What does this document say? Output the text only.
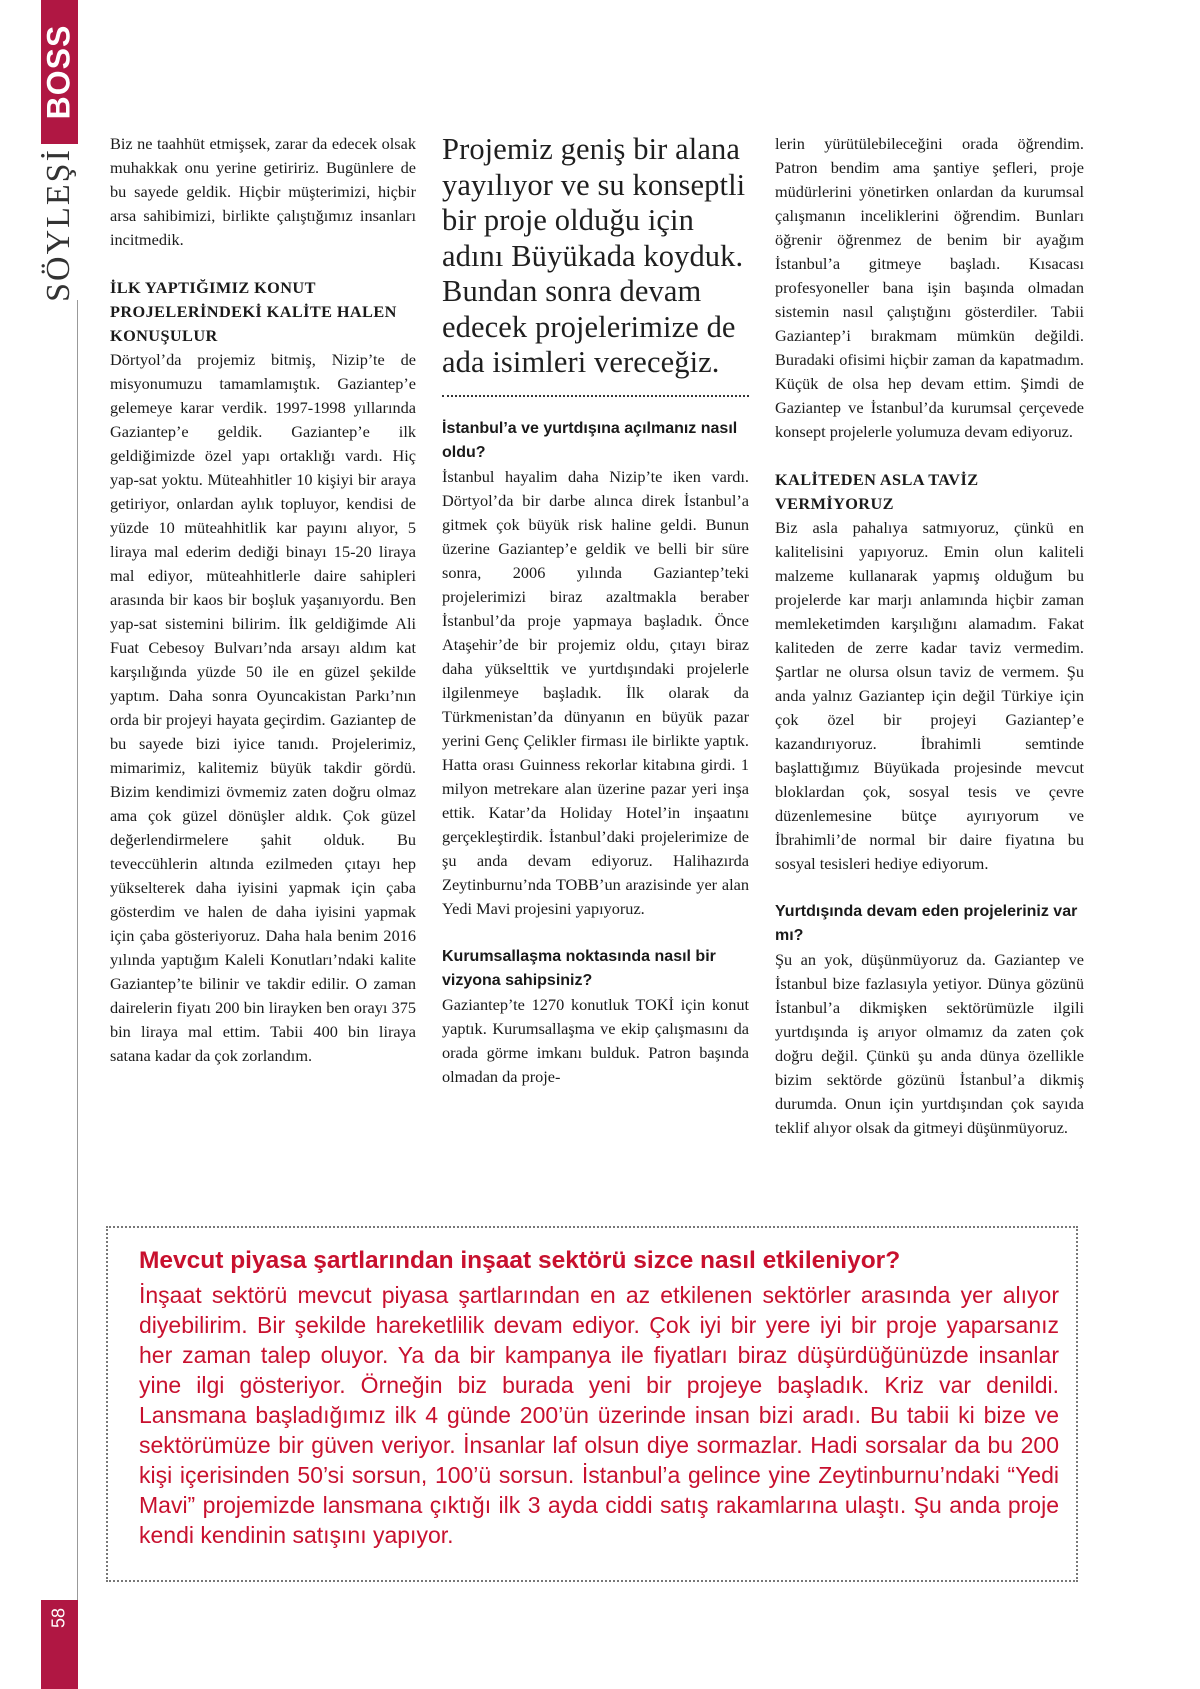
BOSS
SÖYLEŞİ
58

Biz ne taahhüt etmişsek, zarar da edecek olsak muhakkak onu yerine getiririz. Bugünlere de bu sayede geldik. Hiçbir müşterimizi, hiçbir arsa sahibimizi, birlikte çalıştığımız insanları incitmedik.

İLK YAPTIĞIMIZ KONUT PROJELERİNDEKİ KALİTE HALEN KONUŞULUR

Dörtyol’da projemiz bitmiş, Nizip’te de misyonumuzu tamamlamıştık. Gaziantep’e gelemeye karar verdik. 1997-1998 yıllarında Gaziantep’e geldik. Gaziantep’e ilk geldiğimizde özel yapı ortaklığı vardı. Hiç yap-sat yoktu. Müteahhitler 10 kişiyi bir araya getiriyor, onlardan aylık topluyor, kendisi de yüzde 10 müteahhitlik kar payını alıyor, 5 liraya mal ederim dediği binayı 15-20 liraya mal ediyor, müteahhitlerle daire sahipleri arasında bir kaos bir boşluk yaşanıyordu. Ben yap-sat sistemini bilirim. İlk geldiğimde Ali Fuat Cebesoy Bulvarı’nda arsayı aldım kat karşılığında yüzde 50 ile en güzel şekilde yaptım. Daha sonra Oyuncakistan Parkı’nın orda bir projeyi hayata geçirdim. Gaziantep de bu sayede bizi iyice tanıdı. Projelerimiz, mimarimiz, kalitemiz büyük takdir gördü. Bizim kendimizi övmemiz zaten doğru olmaz ama çok güzel dönüşler aldık. Çok güzel değerlendirmelere şahit olduk. Bu teveccühlerin altında ezilmeden çıtayı hep yükselterek daha iyisini yapmak için çaba gösterdim ve halen de daha iyisini yapmak için çaba gösteriyoruz. Daha hala benim 2016 yılında yaptığım Kaleli Konutları’ndaki kalite Gaziantep’te bilinir ve takdir edilir. O zaman dairelerin fiyatı 200 bin lirayken ben orayı 375 bin liraya mal ettim. Tabii 400 bin liraya satana kadar da çok zorlandım.

Projemiz geniş bir alana yayılıyor ve su konseptli bir proje olduğu için adını Büyükada koyduk. Bundan sonra devam edecek projelerimize de ada isimleri vereceğiz.
İstanbul’a ve yurtdışına açılmanız nasıl oldu?

İstanbul hayalim daha Nizip’te iken vardı. Dörtyol’da bir darbe alınca direk İstanbul’a gitmek çok büyük risk haline geldi. Bunun üzerine Gaziantep’e geldik ve belli bir süre sonra, 2006 yılında Gaziantep’teki projelerimizi biraz azaltmakla beraber İstanbul’da proje yapmaya başladık. Önce Ataşehir’de bir projemiz oldu, çıtayı biraz daha yükselttik ve yurtdışındaki projelerle ilgilenmeye başladık. İlk olarak da Türkmenistan’da dünyanın en büyük pazar yerini Genç Çelikler firması ile birlikte yaptık. Hatta orası Guinness rekorlar kitabına girdi. 1 milyon metrekare alan üzerine pazar yeri inşa ettik. Katar’da Holiday Hotel’in inşaatını gerçekleştirdik. İstanbul’daki projelerimize de şu anda devam ediyoruz. Halihazırda Zeytinburnu’nda TOBB’un arazisinde yer alan Yedi Mavi projesini yapıyoruz.

Kurumsallaşma noktasında nasıl bir vizyona sahipsiniz?

Gaziantep’te 1270 konutluk TOKİ için konut yaptık. Kurumsallaşma ve ekip çalışmasını da orada görme imkanı bulduk. Patron başında olmadan da proje-

lerin yürütülebileceğini orada öğrendim. Patron bendim ama şantiye şefleri, proje müdürlerini yönetirken onlardan da kurumsal çalışmanın inceliklerini öğrendim. Bunları öğrenir öğrenmez de benim bir ayağım İstanbul’a gitmeye başladı. Kısacası profesyoneller bana işin başında olmadan sistemin nasıl çalıştığını gösterdiler. Tabii Gaziantep’i bırakmam mümkün değildi. Buradaki ofisimi hiçbir zaman da kapatmadım. Küçük de olsa hep devam ettim. Şimdi de Gaziantep ve İstanbul’da kurumsal çerçevede konsept projelerle yolumuza devam ediyoruz.

KALİTEDEN ASLA TAVİZ VERMİYORUZ

Biz asla pahalıya satmıyoruz, çünkü en kalitelisini yapıyoruz. Emin olun kaliteli malzeme kullanarak yapmış olduğum bu projelerde kar marjı anlamında hiçbir zaman memleketimden karşılığını alamadım. Fakat kaliteden de zerre kadar taviz vermedim. Şartlar ne olursa olsun taviz de vermem. Şu anda yalnız Gaziantep için değil Türkiye için çok özel bir projeyi Gaziantep’e kazandırıyoruz. İbrahimli semtinde başlattığımız Büyükada projesinde mevcut bloklardan çok, sosyal tesis ve çevre düzenlemesine bütçe ayırıyorum ve İbrahimli’de normal bir daire fiyatına bu sosyal tesisleri hediye ediyorum.

Yurtdışında devam eden projeleriniz var mı?

Şu an yok, düşünmüyoruz da. Gaziantep ve İstanbul bize fazlasıyla yetiyor. Dünya gözünü İstanbul’a dikmişken sektörümüzle ilgili yurtdışında iş arıyor olmamız da zaten çok doğru değil. Çünkü şu anda dünya özellikle bizim sektörde gözünü İstanbul’a dikmiş durumda. Onun için yurtdışından çok sayıda teklif alıyor olsak da gitmeyi düşünmüyoruz.

Mevcut piyasa şartlarından inşaat sektörü sizce nasıl etkileniyor?

İnşaat sektörü mevcut piyasa şartlarından en az etkilenen sektörler arasında yer alıyor diyebilirim. Bir şekilde hareketlilik devam ediyor. Çok iyi bir yere iyi bir proje yaparsanız her zaman talep oluyor. Ya da bir kampanya ile fiyatları biraz düşürdüğünüzde insanlar yine ilgi gösteriyor. Örneğin biz burada yeni bir projeye başladık. Kriz var denildi. Lansmana başladığımız ilk 4 günde 200’ün üzerinde insan bizi aradı. Bu tabii ki bize ve sektörümüze bir güven veriyor. İnsanlar laf olsun diye sormazlar. Hadi sorsalar da bu 200 kişi içerisinden 50’si sorsun, 100’ü sorsun. İstanbul’a gelince yine Zeytinburnu’ndaki “Yedi Mavi” projemizde lansmana çıktığı ilk 3 ayda ciddi satış rakamlarına ulaştı. Şu anda proje kendi kendinin satışını yapıyor.
